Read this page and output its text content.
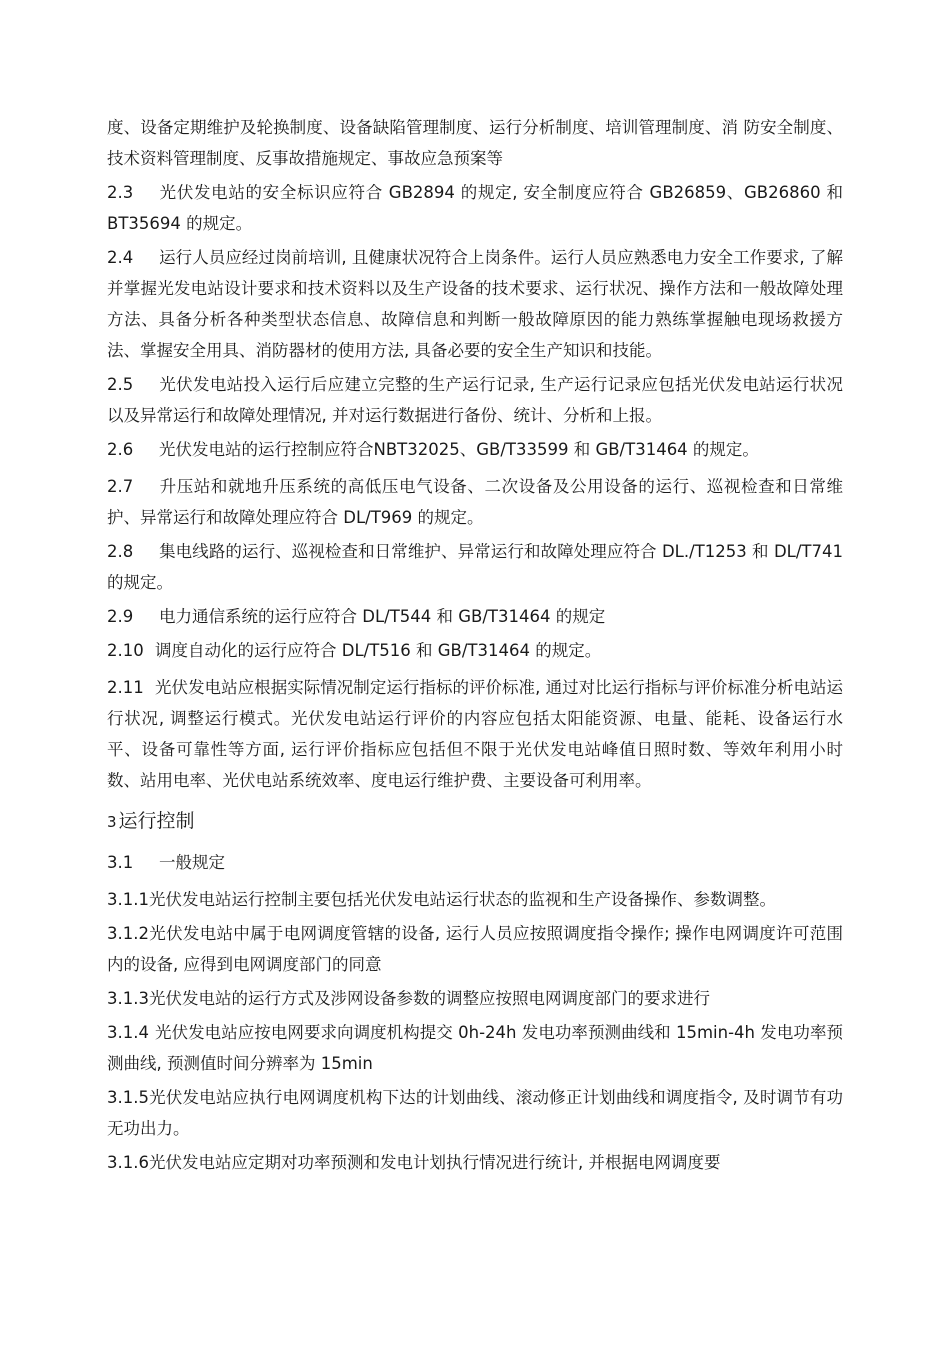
度、设备定期维护及轮换制度、设备缺陷管理制度、运行分析制度、培训管理制度、消 防安全制度、技术资料管理制度、反事故措施规定、事故应急预案等

2.3 光伏发电站的安全标识应符合 GB2894 的规定, 安全制度应符合 GB26859、GB26860 和 BT35694 的规定。

2.4 运行人员应经过岗前培训, 且健康状况符合上岗条件。运行人员应熟悉电力安全工作要求, 了解并掌握光发电站设计要求和技术资料以及生产设备的技术要求、运行状况、操作方法和一般故障处理方法、具备分析各种类型状态信息、故障信息和判断一般故障原因的能力熟练掌握触电现场救援方法、掌握安全用具、消防器材的使用方法, 具备必要的安全生产知识和技能。

2.5 光伏发电站投入运行后应建立完整的生产运行记录, 生产运行记录应包括光伏发电站运行状况以及异常运行和故障处理情况, 并对运行数据进行备份、统计、分析和上报。

2.6 光伏发电站的运行控制应符合NBT32025、GB/T33599 和 GB/T31464 的规定。

2.7 升压站和就地升压系统的高低压电气设备、二次设备及公用设备的运行、巡视检查和日常维护、异常运行和故障处理应符合 DL/T969 的规定。

2.8 集电线路的运行、巡视检查和日常维护、异常运行和故障处理应符合 DL./T1253 和 DL/T741 的规定。

2.9 电力通信系统的运行应符合 DL/T544 和 GB/T31464 的规定

2.10 调度自动化的运行应符合 DL/T516 和 GB/T31464 的规定。

2.11 光伏发电站应根据实际情况制定运行指标的评价标准, 通过对比运行指标与评价标准分析电站运行状况, 调整运行模式。光伏发电站运行评价的内容应包括太阳能资源、电量、能耗、设备运行水平、设备可靠性等方面, 运行评价指标应包括但不限于光伏发电站峰值日照时数、等效年利用小时数、站用电率、光伏电站系统效率、度电运行维护费、主要设备可利用率。

3 运行控制

3.1 一般规定

3.1.1光伏发电站运行控制主要包括光伏发电站运行状态的监视和生产设备操作、参数调整。

3.1.2光伏发电站中属于电网调度管辖的设备, 运行人员应按照调度指令操作; 操作电网调度许可范围内的设备, 应得到电网调度部门的同意

3.1.3光伏发电站的运行方式及涉网设备参数的调整应按照电网调度部门的要求进行

3.1.4 光伏发电站应按电网要求向调度机构提交 0h-24h 发电功率预测曲线和 15min-4h 发电功率预测曲线, 预测值时间分辨率为 15min

3.1.5光伏发电站应执行电网调度机构下达的计划曲线、滚动修正计划曲线和调度指令, 及时调节有功无功出力。

3.1.6光伏发电站应定期对功率预测和发电计划执行情况进行统计, 并根据电网调度要
